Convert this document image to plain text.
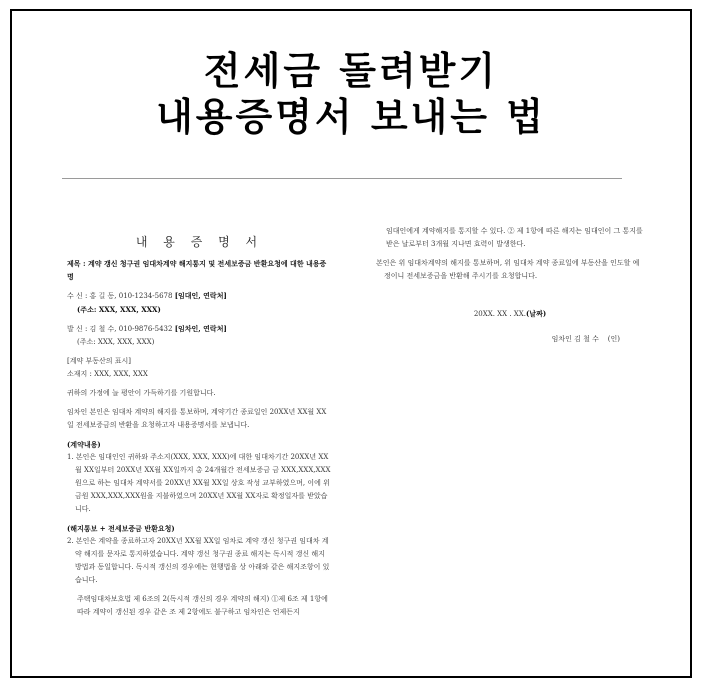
전세금 돌려받기
내용증명서 보내는 법
내 용 증 명 서

제목 : 계약 갱신 청구권 임대차계약 해지통지 및 전세보증금 반환요청에 대한 내용증명

수 신 : 홍 길 동, 010-1234-5678 [임대인, 연락처]

(주소: XXX, XXX, XXX)

발 신 : 김 철 수, 010-9876-5432 [임차인, 연락처]

(주소: XXX, XXX, XXX)

[계약 부동산의 표시]

소재지 : XXX, XXX, XXX

귀하의 가정에 늘 평안이 가득하기를 기원합니다.

임차인 본인은 임대차 계약의 해지를 통보하며, 계약기간 종료일인 20XX년 XX월 XX일 전세보증금의 반환을 요청하고자 내용증명서를 보냅니다.

(계약내용)

1. 본인은 임대인인 귀하와 주소지(XXX, XXX, XXX)에 대한 임대차기간 20XX년 XX월 XX일부터 20XX년 XX월 XX일까지 총 24개월간 전세보증금 금 XXX,XXX,XXX원으로 하는 임대차 계약서를 20XX년 XX월 XX일 상호 작성 교부하였으며, 이에 위 금원 XXX,XXX,XXX원을 지불하였으며 20XX년 XX월 XX자로 확정일자를 받았습니다.

(해지통보 + 전세보증금 반환요청)

2. 본인은 계약을 종료하고자 20XX년 XX월 XX일 임차로 계약 갱신 청구권 임대차 계약 해지를 문자로 통지하였습니다. 계약 갱신 청구권 종료 해지는 독시적 갱신 해지 방법과 동일합니다. 독시적 갱신의 경우에는 현행법을 상 아래와 같은 해지조항이 있습니다.

주택임대차보호법 제 6조의 2(독시적 갱신의 경우 계약의 해지) ①제 6조 제 1항에 따라 계약이 갱신된 경우 같은 조 제 2항에도 불구하고 임차인은 언제든지

임대인에게 계약해지를 통지할 수 있다. ② 제 1항에 따른 해지는 임대인이 그 통지를 받은 날로부터 3개월 지나면 효력이 발생한다.

본인은 위 임대차계약의 해지를 통보하며, 위 임대차 계약 종료일에 부동산을 인도할 예정이니 전세보증금을 반환해 주시기를 요청합니다.

20XX. XX . XX.(날짜)

임차인 김 철 수 (인)
